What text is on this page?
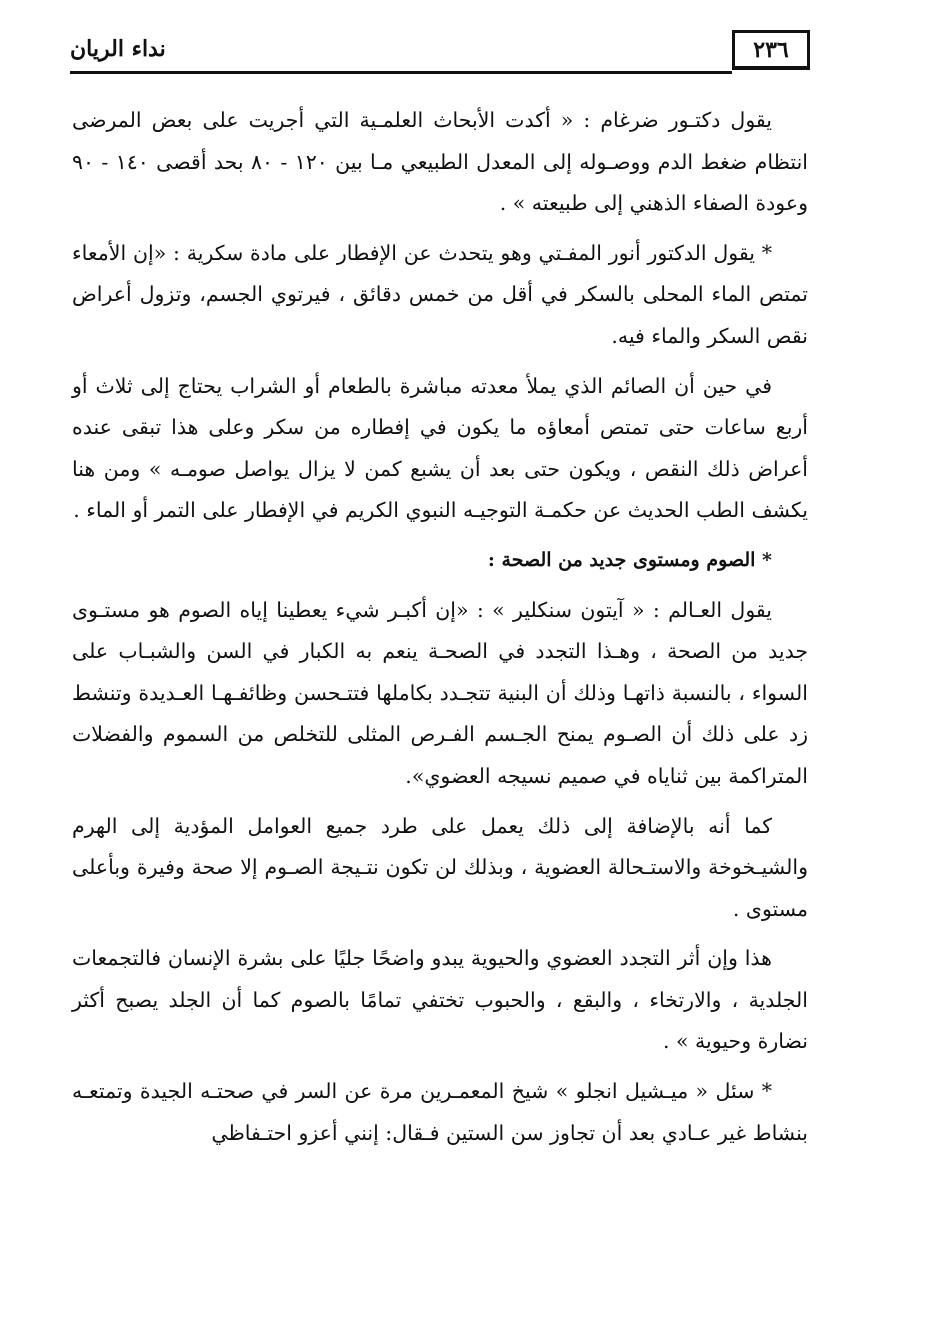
٢٣٦
نداء الريان

يقول دكتـور ضرغام : « أكدت الأبحاث العلمـية التي أجريت على بعض المرضى انتظام ضغط الدم ووصـوله إلى المعدل الطبيعي مـا بين ١٢٠ - ٨٠ بحد أقصى ١٤٠ - ٩٠ وعودة الصفاء الذهني إلى طبيعته » .

* يقول الدكتور أنور المفـتي وهو يتحدث عن الإفطار على مادة سكرية : «إن الأمعاء تمتص الماء المحلى بالسكر في أقل من خمس دقائق ، فيرتوي الجسم، وتزول أعراض نقص السكر والماء فيه.

في حين أن الصائم الذي يملأ معدته مباشرة بالطعام أو الشراب يحتاج إلى ثلاث أو أربع ساعات حتى تمتص أمعاؤه ما يكون في إفطاره من سكر وعلى هذا تبقى عنده أعراض ذلك النقص ، ويكون حتى بعد أن يشبع كمن لا يزال يواصل صومـه » ومن هنا يكشف الطب الحديث عن حكمـة التوجيـه النبوي الكريم في الإفطار على التمر أو الماء .

* الصوم ومستوى جديد من الصحة :

يقول العـالم : « آيتون سنكلير » : «إن أكبـر شيء يعطينا إياه الصوم هو مستـوى جديد من الصحة ، وهـذا التجدد في الصحـة ينعم به الكبار في السن والشبـاب على السواء ، بالنسبة ذاتهـا وذلك أن البنية تتجـدد بكاملها فتتـحسن وظائفـهـا العـديدة وتنشط زد على ذلك أن الصـوم يمنح الجـسم الفـرص المثلى للتخلص من السموم والفضلات المتراكمة بين ثناياه في صميم نسيجه العضوي».

كما أنه بالإضافة إلى ذلك يعمل على طرد جميع العوامل المؤدية إلى الهرم والشيـخوخة والاستـحالة العضوية ، وبذلك لن تكون نتـيجة الصـوم إلا صحة وفيرة وبأعلى مستوى .

هذا وإن أثر التجدد العضوي والحيوية يبدو واضحًا جليًا على بشرة الإنسان فالتجمعات الجلدية ، والارتخاء ، والبقع ، والحبوب تختفي تمامًا بالصوم كما أن الجلد يصبح أكثر نضارة وحيوية » .

* سئل « ميـشيل انجلو » شيخ المعمـرين مرة عن السر في صحتـه الجيدة وتمتعـه بنشاط غير عـادي بعد أن تجاوز سن الستين فـقال: إنني أعزو احتـفاظي
